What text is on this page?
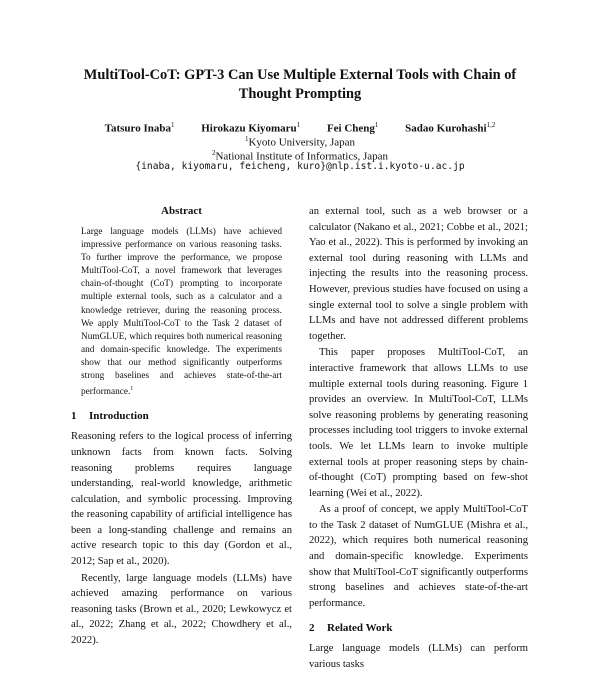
MultiTool-CoT: GPT-3 Can Use Multiple External Tools with Chain of
Thought Prompting
Tatsuro Inaba$^1$ Hirokazu Kiyomaru$^1$ Fei Cheng$^1$ Sadao Kurohashi$^{1,2}$
$^1$Kyoto University, Japan
$^2$National Institute of Informatics, Japan
{inaba, kiyomaru, feicheng, kuro}@nlp.ist.i.kyoto-u.ac.jp
Abstract

Large language models (LLMs) have achieved impressive performance on various reasoning tasks. To further improve the performance, we propose MultiTool-CoT, a novel framework that leverages chain-of-thought (CoT) prompting to incorporate multiple external tools, such as a calculator and a knowledge retriever, during the reasoning process. We apply MultiTool-CoT to the Task 2 dataset of NumGLUE, which requires both numerical reasoning and domain-specific knowledge. The experiments show that our method significantly outperforms strong baselines and achieves state-of-the-art performance.$^1$

1 Introduction

Reasoning refers to the logical process of inferring unknown facts from known facts. Solving reasoning problems requires language understanding, real-world knowledge, arithmetic calculation, and symbolic processing. Improving the reasoning capability of artificial intelligence has been a long-standing challenge and remains an active research topic to this day (Gordon et al., 2012; Sap et al., 2020).

Recently, large language models (LLMs) have achieved amazing performance on various reasoning tasks (Brown et al., 2020; Lewkowycz et al., 2022; Zhang et al., 2022; Chowdhery et al., 2022).

an external tool, such as a web browser or a calculator (Nakano et al., 2021; Cobbe et al., 2021; Yao et al., 2022). This is performed by invoking an external tool during reasoning with LLMs and injecting the results into the reasoning process. However, previous studies have focused on using a single external tool to solve a single problem with LLMs and have not addressed different problems together.

This paper proposes MultiTool-CoT, an interactive framework that allows LLMs to use multiple external tools during reasoning. Figure 1 provides an overview. In MultiTool-CoT, LLMs solve reasoning problems by generating reasoning processes including tool triggers to invoke external tools. We let LLMs learn to invoke multiple external tools at proper reasoning steps by chain-of-thought (CoT) prompting based on few-shot learning (Wei et al., 2022).

As a proof of concept, we apply MultiTool-CoT to the Task 2 dataset of NumGLUE (Mishra et al., 2022), which requires both numerical reasoning and domain-specific knowledge. Experiments show that MultiTool-CoT significantly outperforms strong baselines and achieves state-of-the-art performance.

2 Related Work

Large language models (LLMs) can perform various tasks
